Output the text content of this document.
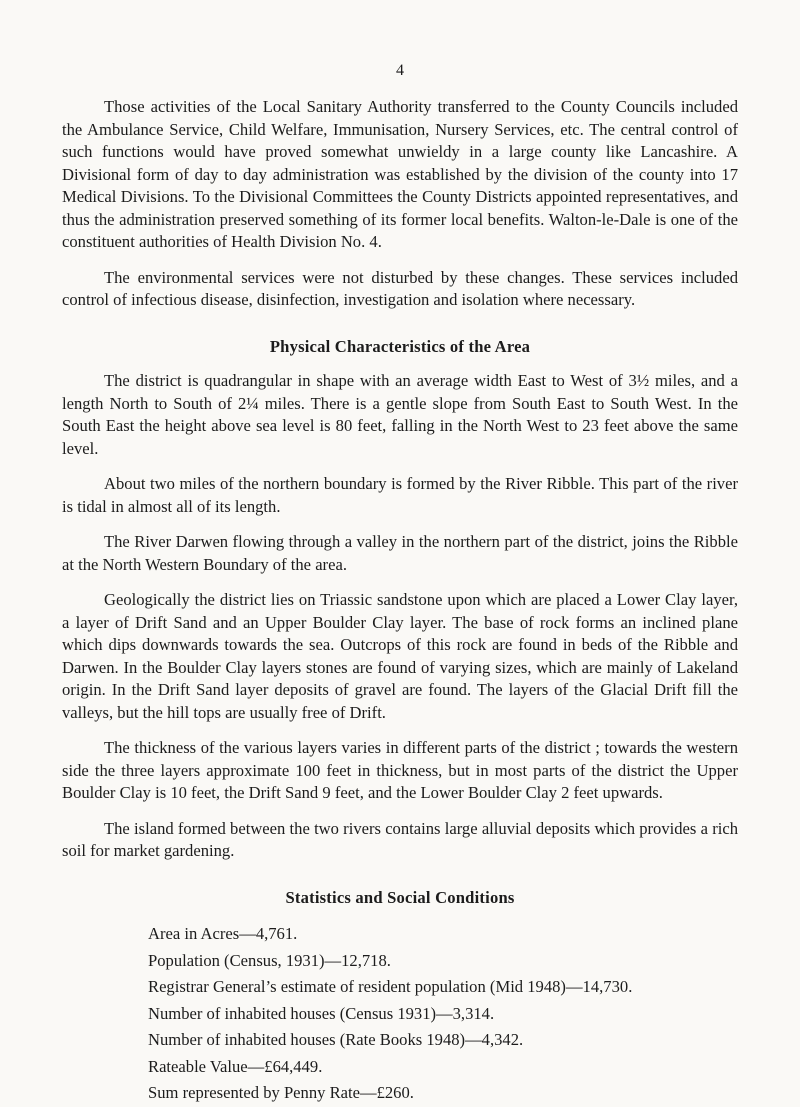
4

Those activities of the Local Sanitary Authority transferred to the County Councils included the Ambulance Service, Child Welfare, Immunisation, Nursery Services, etc. The central control of such functions would have proved somewhat unwieldy in a large county like Lancashire. A Divisional form of day to day administration was established by the division of the county into 17 Medical Divisions. To the Divisional Committees the County Districts appointed representatives, and thus the administration preserved something of its former local benefits. Walton-le-Dale is one of the constituent authorities of Health Division No. 4.

The environmental services were not disturbed by these changes. These services included control of infectious disease, disinfection, investigation and isolation where necessary.

Physical Characteristics of the Area

The district is quadrangular in shape with an average width East to West of 3½ miles, and a length North to South of 2¼ miles. There is a gentle slope from South East to South West. In the South East the height above sea level is 80 feet, falling in the North West to 23 feet above the same level.

About two miles of the northern boundary is formed by the River Ribble. This part of the river is tidal in almost all of its length.

The River Darwen flowing through a valley in the northern part of the district, joins the Ribble at the North Western Boundary of the area.

Geologically the district lies on Triassic sandstone upon which are placed a Lower Clay layer, a layer of Drift Sand and an Upper Boulder Clay layer. The base of rock forms an inclined plane which dips downwards towards the sea. Outcrops of this rock are found in beds of the Ribble and Darwen. In the Boulder Clay layers stones are found of varying sizes, which are mainly of Lakeland origin. In the Drift Sand layer deposits of gravel are found. The layers of the Glacial Drift fill the valleys, but the hill tops are usually free of Drift.

The thickness of the various layers varies in different parts of the district ; towards the western side the three layers approximate 100 feet in thickness, but in most parts of the district the Upper Boulder Clay is 10 feet, the Drift Sand 9 feet, and the Lower Boulder Clay 2 feet upwards.

The island formed between the two rivers contains large alluvial deposits which provides a rich soil for market gardening.

Statistics and Social Conditions
Area in Acres—4,761.
Population (Census, 1931)—12,718.
Registrar General’s estimate of resident population (Mid 1948)—14,730.
Number of inhabited houses (Census 1931)—3,314.
Number of inhabited houses (Rate Books 1948)—4,342.
Rateable Value—£64,449.
Sum represented by Penny Rate—£260.
